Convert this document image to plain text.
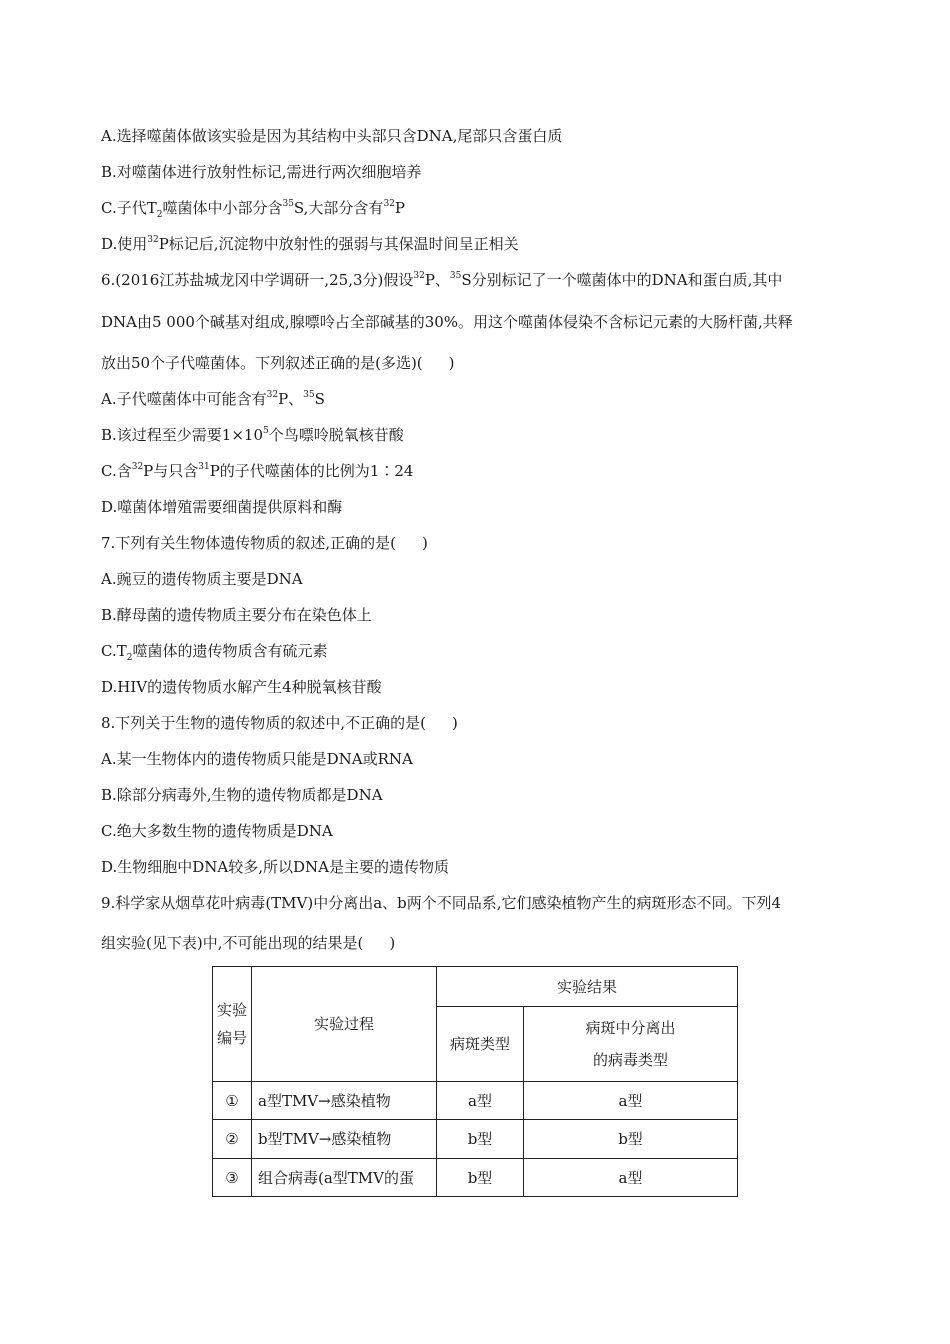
A.选择噬菌体做该实验是因为其结构中头部只含DNA,尾部只含蛋白质
B.对噬菌体进行放射性标记,需进行两次细胞培养
C.子代$T_2$噬菌体中小部分含$^{35}$S,大部分含有$^{32}$P
D.使用$^{32}$P标记后,沉淀物中放射性的强弱与其保温时间呈正相关
6.(2016江苏盐城龙冈中学调研一,25,3分)假设$^{32}$P、$^{35}$S分别标记了一个噬菌体中的DNA和蛋白质,其中
DNA由5 000个碱基对组成,腺嘌呤占全部碱基的30%。用这个噬菌体侵染不含标记元素的大肠杆菌,共释
放出50个子代噬菌体。下列叙述正确的是(多选)( )
A.子代噬菌体中可能含有$^{32}$P、$^{35}$S
B.该过程至少需要$1\times 10^5$个鸟嘌呤脱氧核苷酸
C.含$^{32}$P与只含$^{31}$P的子代噬菌体的比例为1∶24
D.噬菌体增殖需要细菌提供原料和酶
7.下列有关生物体遗传物质的叙述,正确的是( )
A.豌豆的遗传物质主要是DNA
B.酵母菌的遗传物质主要分布在染色体上
$C.T_2$噬菌体的遗传物质含有硫元素
D.HIV的遗传物质水解产生4种脱氧核苷酸
8.下列关于生物的遗传物质的叙述中,不正确的是( )
A.某一生物体内的遗传物质只能是DNA或RNA
B.除部分病毒外,生物的遗传物质都是DNA
C.绝大多数生物的遗传物质是DNA
D.生物细胞中DNA较多,所以DNA是主要的遗传物质
9.科学家从烟草花叶病毒(TMV)中分离出a、b两个不同品系,它们感染植物产生的病斑形态不同。下列4
组实验(见下表)中,不可能出现的结果是( )
实验
编号	实验过程	实验结果	
		病斑类型	病斑中分离出
的病毒类型
①	a型TMV→感染植物	a型	a型
②	b型TMV→感染植物	b型	b型
③	组合病毒(a型TMV的蛋	b型	a型
